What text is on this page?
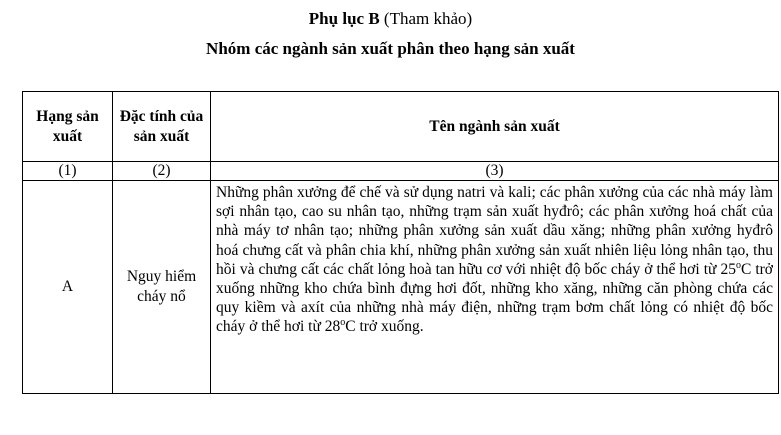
Phụ lục B (Tham khảo)
Nhóm các ngành sản xuất phân theo hạng sản xuất
Hạng sản xuất	Đặc tính của sản xuất	Tên ngành sản xuất
(1)	(2)	(3)
A	Nguy hiểm cháy nổ	Những phân xưởng để chế và sử dụng natri và kali; các phân xưởng của các nhà máy làm sợi nhân tạo, cao su nhân tạo, những trạm sản xuất hyđrô; các phân xưởng hoá chất của nhà máy tơ nhân tạo; những phân xưởng sản xuất dầu xăng; những phân xưởng hyđrô hoá chưng cất và phân chia khí, những phân xưởng sản xuất nhiên liệu lỏng nhân tạo, thu hồi và chưng cất các chất lỏng hoà tan hữu cơ với nhiệt độ bốc cháy ở thể hơi từ 25$^o$C trở xuống những kho chứa bình đựng hơi đốt, những kho xăng, những căn phòng chứa các quy kiềm và axít của những nhà máy điện, những trạm bơm chất lỏng có nhiệt độ bốc cháy ở thể hơi từ 28$^o$C trở xuống.
